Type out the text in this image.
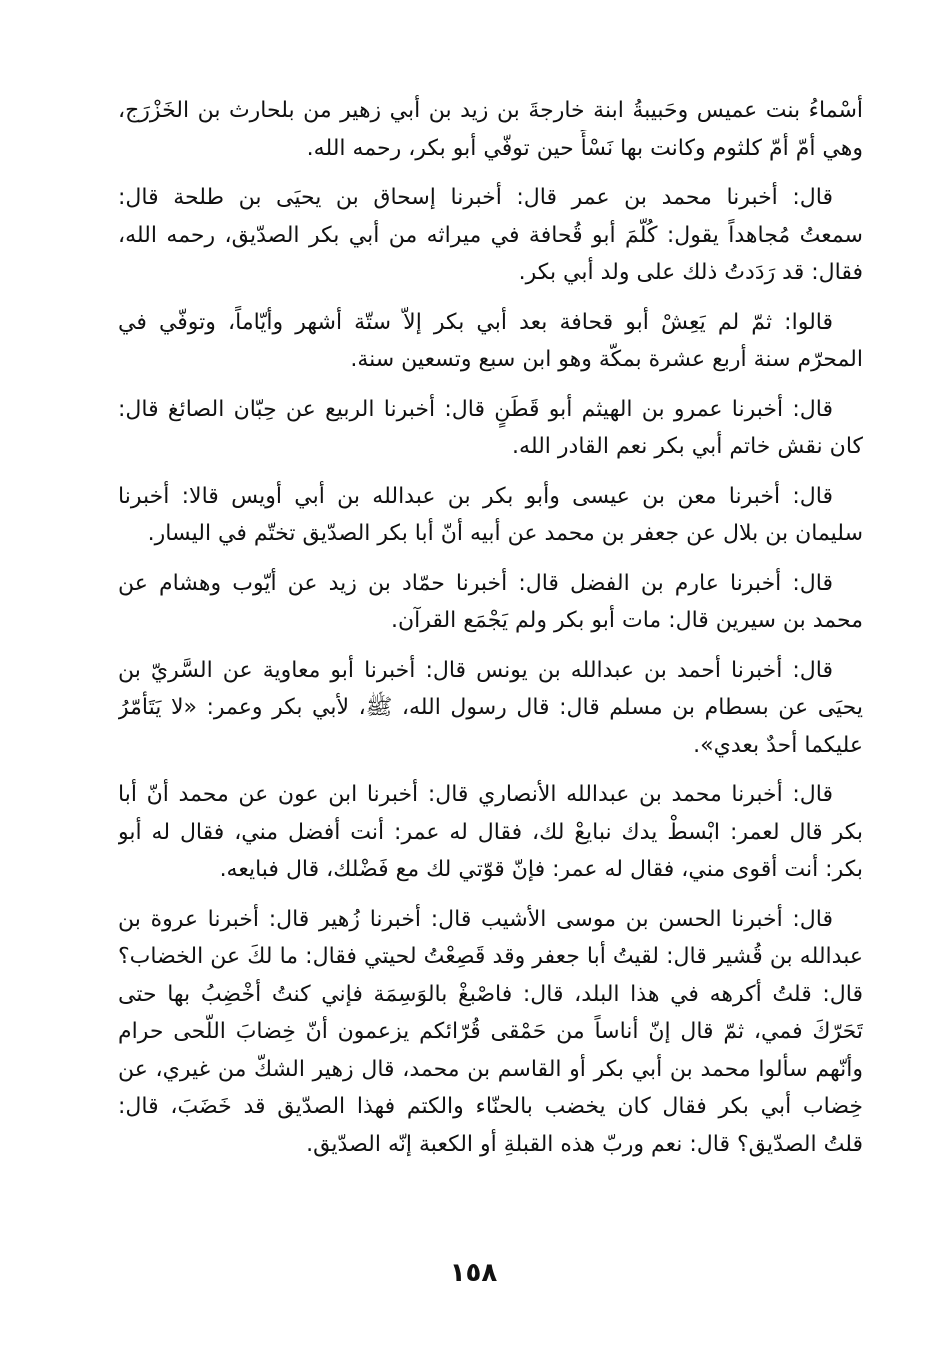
أسْماءُ بنت عميس وحَبيبةُ ابنة خارجةَ بن زيد بن أبي زهير من بلحارث بن الخَزْرَج،
وهي أمّ أمّ كلثوم وكانت بها نَسْأً حين توفّي أبو بكر، رحمه الله.
قال: أخبرنا محمد بن عمر قال: أخبرنا إسحاق بن يحيَى بن طلحة قال:
سمعتُ مُجاهداً يقول: كُلّمَ أبو قُحافة في ميراثه من أبي بكر الصدّيق، رحمه الله،
فقال: قد رَدَدتُ ذلك على ولد أبي بكر.
قالوا: ثمّ لم يَعِشْ أبو قحافة بعد أبي بكر إلاّ ستّة أشهر وأيّاماً، وتوفّي في
المحرّم سنة أربع عشرة بمكّة وهو ابن سبع وتسعين سنة.
قال: أخبرنا عمرو بن الهيثم أبو قَطَنٍ قال: أخبرنا الربيع عن حِبّان الصائغ قال:
كان نقش خاتم أبي بكر نعم القادر الله.
قال: أخبرنا معن بن عيسى وأبو بكر بن عبدالله بن أبي أويس قالا: أخبرنا
سليمان بن بلال عن جعفر بن محمد عن أبيه أنّ أبا بكر الصدّيق تختّم في اليسار.
قال: أخبرنا عارم بن الفضل قال: أخبرنا حمّاد بن زيد عن أيّوب وهشام عن
محمد بن سيرين قال: مات أبو بكر ولم يَجْمَع القرآن.
قال: أخبرنا أحمد بن عبدالله بن يونس قال: أخبرنا أبو معاوية عن السَّريّ بن
يحيَى عن بسطام بن مسلم قال: قال رسول الله، ﷺ، لأبي بكر وعمر: «لا يَتَأمّرُ
عليكما أحدٌ بعدي».
قال: أخبرنا محمد بن عبدالله الأنصاري قال: أخبرنا ابن عون عن محمد أنّ أبا
بكر قال لعمر: ابْسطْ يدك نبايعْ لك، فقال له عمر: أنت أفضل مني، فقال له أبو
بكر: أنت أقوى مني، فقال له عمر: فإنّ قوّتي لك مع فَضْلك، قال فبايعه.
قال: أخبرنا الحسن بن موسى الأشيب قال: أخبرنا زُهير قال: أخبرنا عروة بن
عبدالله بن قُشير قال: لقيتُ أبا جعفر وقد قَصِعْتُ لحيتي فقال: ما لكَ عن الخضاب؟
قال: قلتُ أكرهه في هذا البلد، قال: فاصْبغْ بالوَسِمَة فإني كنتُ أخْضِبُ بها حتى
تَحَرّكَ فمي، ثمّ قال إنّ أناساً من حَمْقى قُرّائكم يزعمون أنّ خِضابَ اللّحى حرام
وأنّهم سألوا محمد بن أبي بكر أو القاسم بن محمد، قال زهير الشكّ من غيري، عن
خِضاب أبي بكر فقال كان يخضب بالحنّاء والكتم فهذا الصدّيق قد خَضَبَ، قال:
قلتُ الصدّيق؟ قال: نعم وربّ هذه القبلةِ أو الكعبة إنّه الصدّيق.
١٥٨
